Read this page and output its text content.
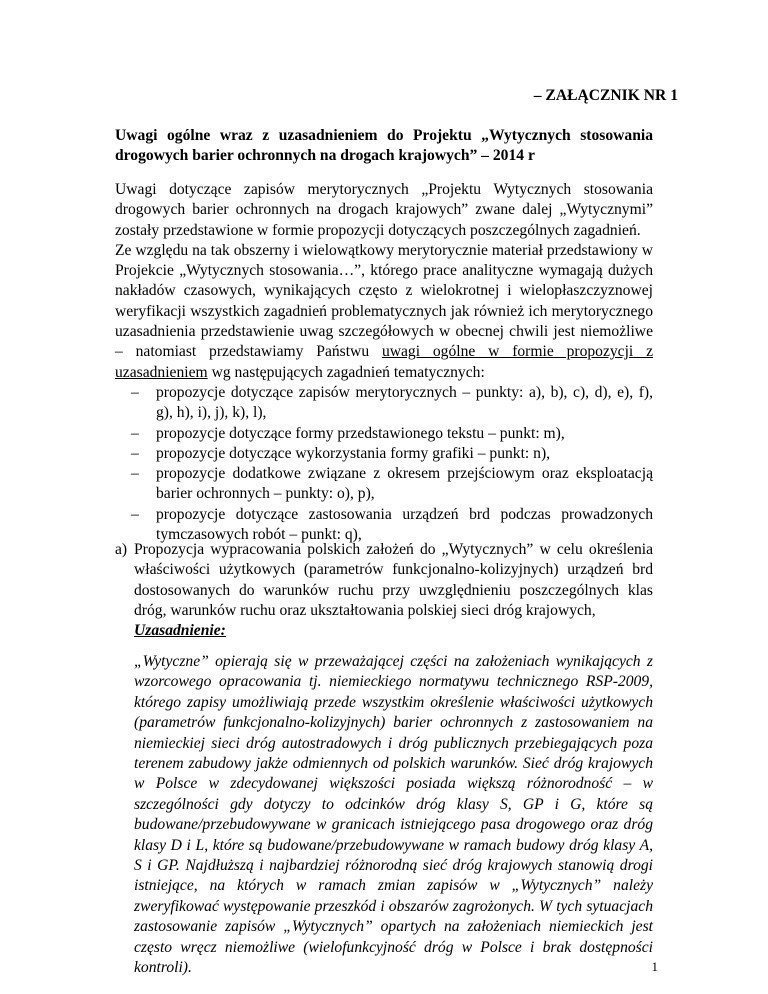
– ZAŁĄCZNIK NR 1
Uwagi ogólne wraz z uzasadnieniem do Projektu „Wytycznych stosowania drogowych barier ochronnych na drogach krajowych” – 2014 r

Uwagi dotyczące zapisów merytorycznych „Projektu Wytycznych stosowania drogowych barier ochronnych na drogach krajowych” zwane dalej „Wytycznymi” zostały przedstawione w formie propozycji dotyczących poszczególnych zagadnień.

Ze względu na tak obszerny i wielowątkowy merytorycznie materiał przedstawiony w Projekcie „Wytycznych stosowania…”, którego prace analityczne wymagają dużych nakładów czasowych, wynikających często z wielokrotnej i wielopłaszczyznowej weryfikacji wszystkich zagadnień problematycznych jak również ich merytorycznego uzasadnienia przedstawienie uwag szczegółowych w obecnej chwili jest niemożliwe – natomiast przedstawiamy Państwu uwagi ogólne w formie propozycji z uzasadnieniem wg następujących zagadnień tematycznych:

– propozycje dotyczące zapisów merytorycznych – punkty: a), b), c), d), e), f), g), h), i), j), k), l),
– propozycje dotyczące formy przedstawionego tekstu – punkt: m),
– propozycje dotyczące wykorzystania formy grafiki – punkt: n),
– propozycje dodatkowe związane z okresem przejściowym oraz eksploatacją barier ochronnych – punkty: o), p),
– propozycje dotyczące zastosowania urządzeń brd podczas prowadzonych tymczasowych robót – punkt: q),
a) Propozycja wypracowania polskich założeń do „Wytycznych” w celu określenia właściwości użytkowych (parametrów funkcjonalno-kolizyjnych) urządzeń brd dostosowanych do warunków ruchu przy uwzględnieniu poszczególnych klas dróg, warunków ruchu oraz ukształtowania polskiej sieci dróg krajowych,
Uzasadnienie:
„Wytyczne” opierają się w przeważającej części na założeniach wynikających z wzorcowego opracowania tj. niemieckiego normatywu technicznego RSP-2009, którego zapisy umożliwiają przede wszystkim określenie właściwości użytkowych (parametrów funkcjonalno-kolizyjnych) barier ochronnych z zastosowaniem na niemieckiej sieci dróg autostradowych i dróg publicznych przebiegających poza terenem zabudowy jakże odmiennych od polskich warunków. Sieć dróg krajowych w Polsce w zdecydowanej większości posiada większą różnorodność – w szczególności gdy dotyczy to odcinków dróg klasy S, GP i G, które są budowane/przebudowywane w granicach istniejącego pasa drogowego oraz dróg klasy D i L, które są budowane/przebudowywane w ramach budowy dróg klasy A, S i GP. Najdłuższą i najbardziej różnorodną sieć dróg krajowych stanowią drogi istniejące, na których w ramach zmian zapisów w „Wytycznych” należy zweryfikować występowanie przeszkód i obszarów zagrożonych. W tych sytuacjach zastosowanie zapisów „Wytycznych” opartych na założeniach niemieckich jest często wręcz niemożliwe (wielofunkcyjność dróg w Polsce i brak dostępności kontroli).	1
